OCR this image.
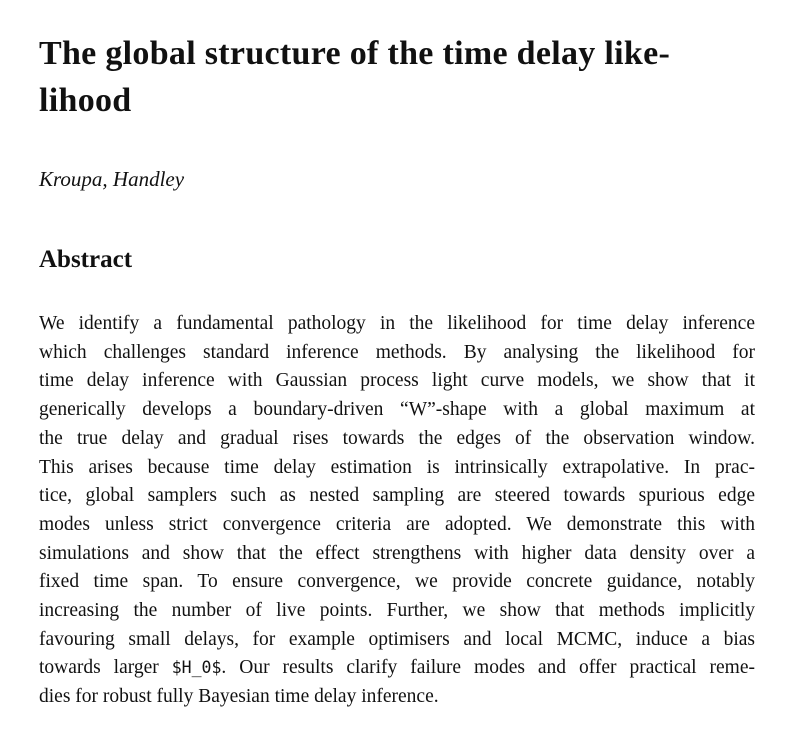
The global structure of the time delay like-
lihood
Kroupa, Handley
Abstract
We identify a fundamental pathology in the likelihood for time delay inference
which challenges standard inference methods. By analysing the likelihood for
time delay inference with Gaussian process light curve models, we show that it
generically develops a boundary-driven “W”-shape with a global maximum at
the true delay and gradual rises towards the edges of the observation window.
This arises because time delay estimation is intrinsically extrapolative. In prac-
tice, global samplers such as nested sampling are steered towards spurious edge
modes unless strict convergence criteria are adopted. We demonstrate this with
simulations and show that the effect strengthens with higher data density over a
fixed time span. To ensure convergence, we provide concrete guidance, notably
increasing the number of live points. Further, we show that methods implicitly
favouring small delays, for example optimisers and local MCMC, induce a bias
towards larger $H_0$. Our results clarify failure modes and offer practical reme-
dies for robust fully Bayesian time delay inference.
